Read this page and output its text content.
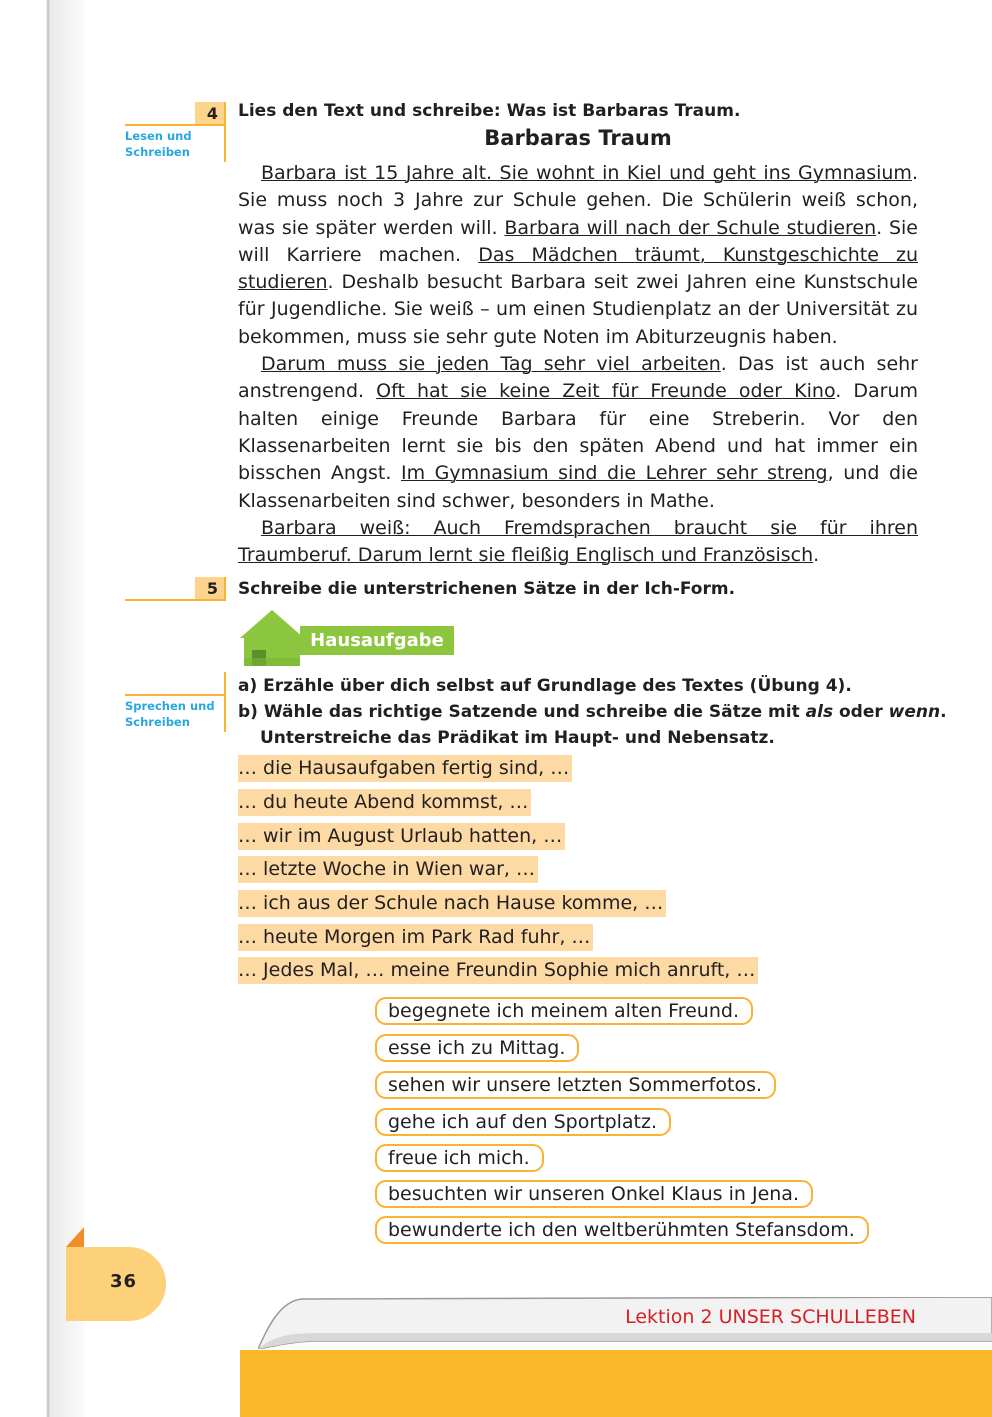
4
Lesen und Schreiben
Lies den Text und schreibe: Was ist Barbaras Traum.
Barbaras Traum

Barbara ist 15 Jahre alt. Sie wohnt in Kiel und geht ins Gymnasium. Sie muss noch 3 Jahre zur Schule gehen. Die Schülerin weiß schon, was sie später werden will. Barbara will nach der Schule studieren. Sie will Karriere machen. Das Mädchen träumt, Kunstgeschichte zu studieren. Deshalb besucht Barbara seit zwei Jahren eine Kunstschule für Jugendliche. Sie weiß – um einen Studienplatz an der Universität zu bekommen, muss sie sehr gute Noten im Abiturzeugnis haben.

Darum muss sie jeden Tag sehr viel arbeiten. Das ist auch sehr anstrengend. Oft hat sie keine Zeit für Freunde oder Kino. Darum halten einige Freunde Barbara für eine Streberin. Vor den Klassenarbeiten lernt sie bis den späten Abend und hat immer ein bisschen Angst. Im Gymnasium sind die Lehrer sehr streng, und die Klassenarbeiten sind schwer, besonders in Mathe.

Barbara weiß: Auch Fremdsprachen braucht sie für ihren Traumberuf. Darum lernt sie fleißig Englisch und Französisch.

5	Schreibe die unterstrichenen Sätze in der Ich-Form.
Hausaufgabe
Sprechen und Schreiben
a) Erzähle über dich selbst auf Grundlage des Textes (Übung 4).
b) Wähle das richtige Satzende und schreibe die Sätze mit als oder wenn.
Unterstreiche das Prädikat im Haupt- und Nebensatz.
… die Hausaufgaben fertig sind, …
… du heute Abend kommst, …
… wir im August Urlaub hatten, …
… letzte Woche in Wien war, …
… ich aus der Schule nach Hause komme, …
… heute Morgen im Park Rad fuhr, …
… Jedes Mal, … meine Freundin Sophie mich anruft, …
begegnete ich meinem alten Freund.
esse ich zu Mittag.
sehen wir unsere letzten Sommerfotos.
gehe ich auf den Sportplatz.
freue ich mich.
besuchten wir unseren Onkel Klaus in Jena.
bewunderte ich den weltberühmten Stefansdom.
36
Lektion 2 UNSER SCHULLEBEN
